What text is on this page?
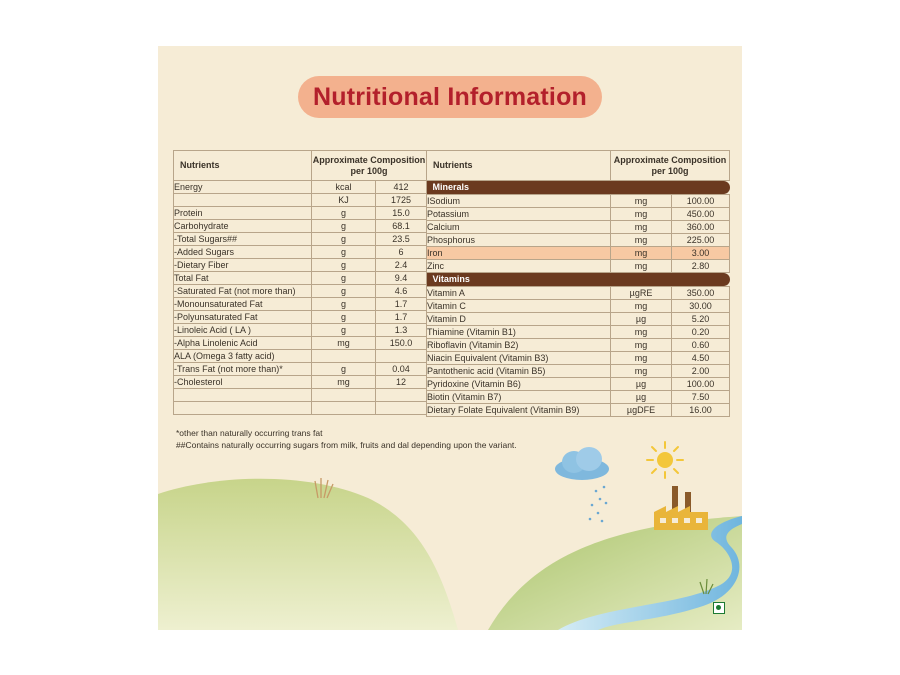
Nutritional Information
Nutrients	Approximate Composition per 100g	
Energy	kcal	412
	KJ	1725
Protein	g	15.0
Carbohydrate	g	68.1
-Total Sugars##	g	23.5
-Added Sugars	g	6
-Dietary Fiber	g	2.4
Total Fat	g	9.4
-Saturated Fat (not more than)	g	4.6
-Monounsaturated Fat	g	1.7
-Polyunsaturated Fat	g	1.7
-Linoleic Acid ( LA )	g	1.3
-Alpha Linolenic Acid	mg	150.0
ALA (Omega 3 fatty acid)		
-Trans Fat (not more than)*	g	0.04
-Cholesterol	mg	12

Nutrients	Approximate Composition per 100g	

Minerals		

ISodium	mg	100.00
Potassium	mg	450.00
Calcium	mg	360.00
Phosphorus	mg	225.00
Iron	mg	3.00
Zinc	mg	2.80

Vitamins		

Vitamin A	µgRE	350.00
Vitamin C	mg	30.00
Vitamin D	µg	5.20
Thiamine (Vitamin B1)	mg	0.20
Riboflavin (Vitamin B2)	mg	0.60
Niacin Equivalent (Vitamin B3)	mg	4.50
Pantothenic acid (Vitamin B5)	mg	2.00
Pyridoxine (Vitamin B6)	µg	100.00
Biotin (Vitamin B7)	µg	7.50
Dietary Folate Equivalent (Vitamin B9)	µgDFE	16.00
*other than naturally occurring trans fat
##Contains naturally occurring sugars from milk, fruits and dal depending upon the variant.
